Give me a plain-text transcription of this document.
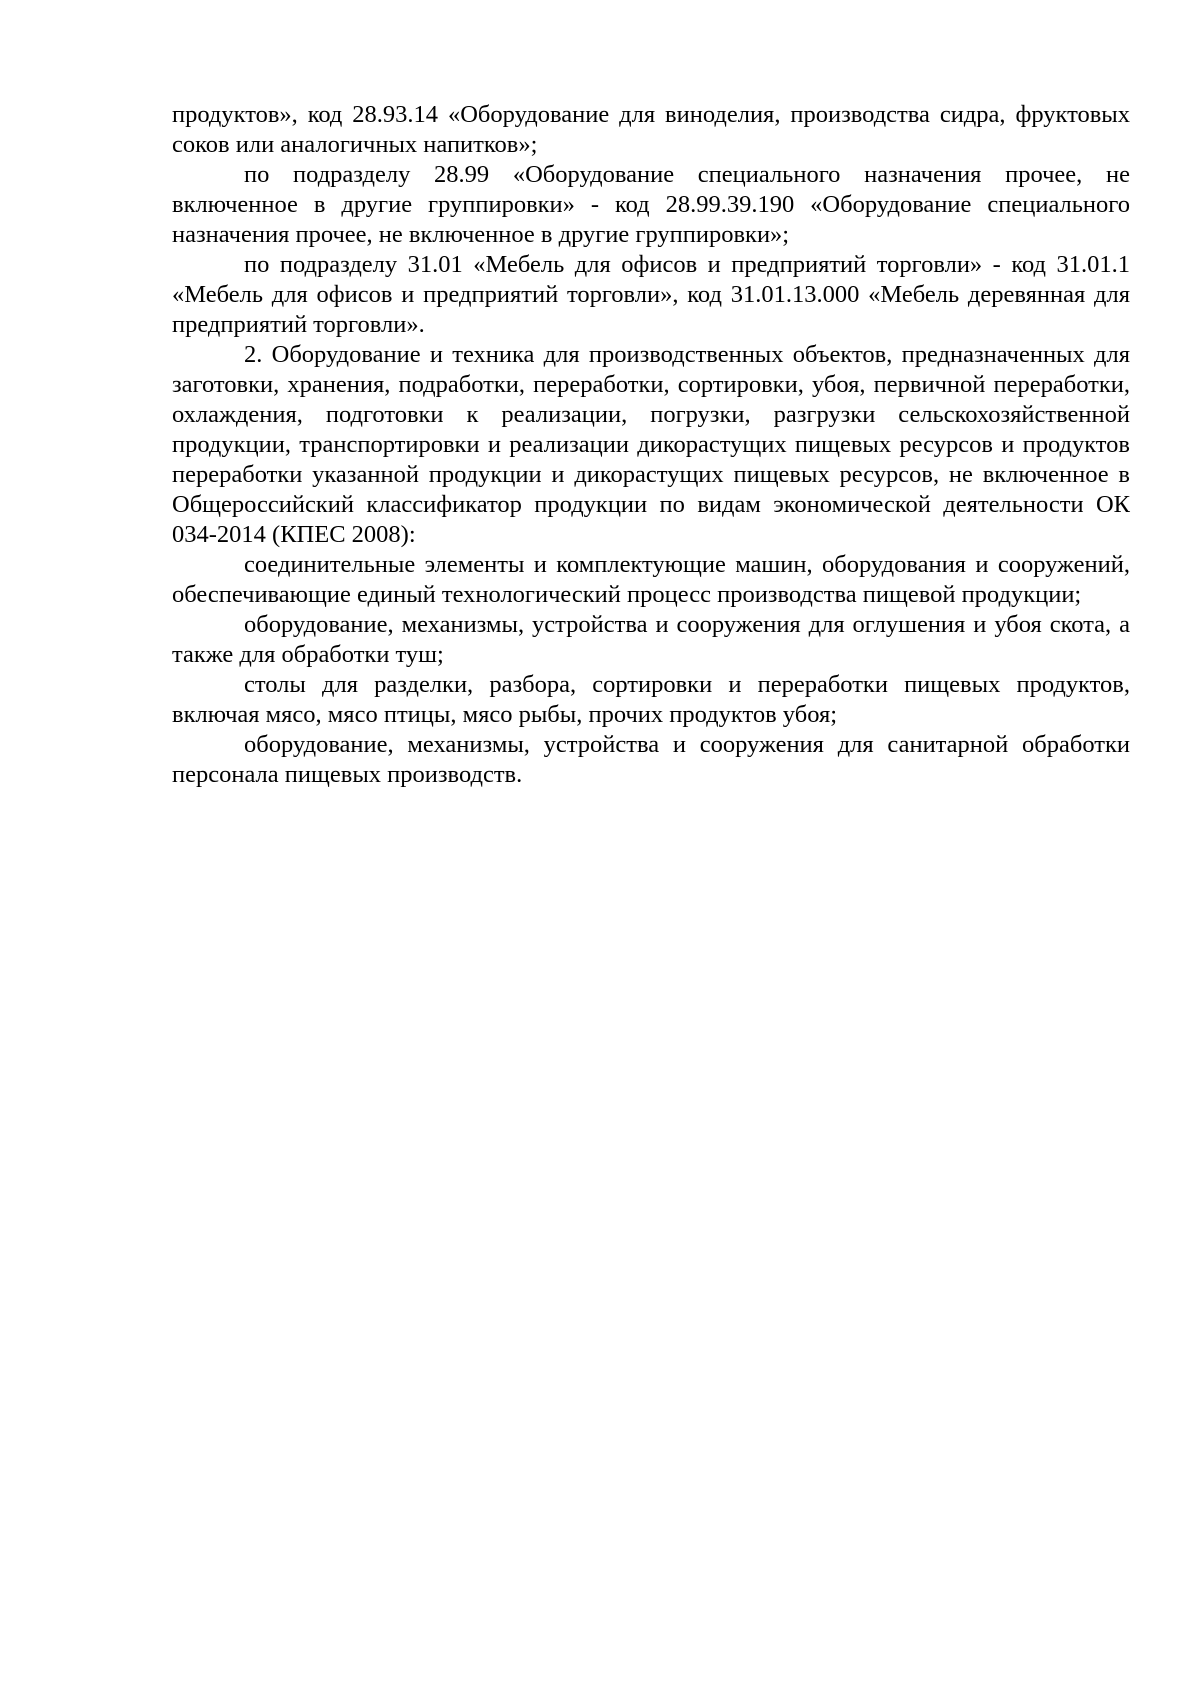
продуктов», код 28.93.14 «Оборудование для виноделия, производства сидра, фруктовых соков или аналогичных напитков»;

по подразделу 28.99 «Оборудование специального назначения прочее, не включенное в другие группировки» - код 28.99.39.190 «Оборудование специального назначения прочее, не включенное в другие группировки»;

по подразделу 31.01 «Мебель для офисов и предприятий торговли» - код 31.01.1 «Мебель для офисов и предприятий торговли», код 31.01.13.000 «Мебель деревянная для предприятий торговли».

2. Оборудование и техника для производственных объектов, предназначенных для заготовки, хранения, подработки, переработки, сортировки, убоя, первичной переработки, охлаждения, подготовки к реализации, погрузки, разгрузки сельскохозяйственной продукции, транспортировки и реализации дикорастущих пищевых ресурсов и продуктов переработки указанной продукции и дикорастущих пищевых ресурсов, не включенное в Общероссийский классификатор продукции по видам экономической деятельности ОК 034-2014 (КПЕС 2008):

соединительные элементы и комплектующие машин, оборудования и сооружений, обеспечивающие единый технологический процесс производства пищевой продукции;

оборудование, механизмы, устройства и сооружения для оглушения и убоя скота, а также для обработки туш;

столы для разделки, разбора, сортировки и переработки пищевых продуктов, включая мясо, мясо птицы, мясо рыбы, прочих продуктов убоя;

оборудование, механизмы, устройства и сооружения для санитарной обработки персонала пищевых производств.
